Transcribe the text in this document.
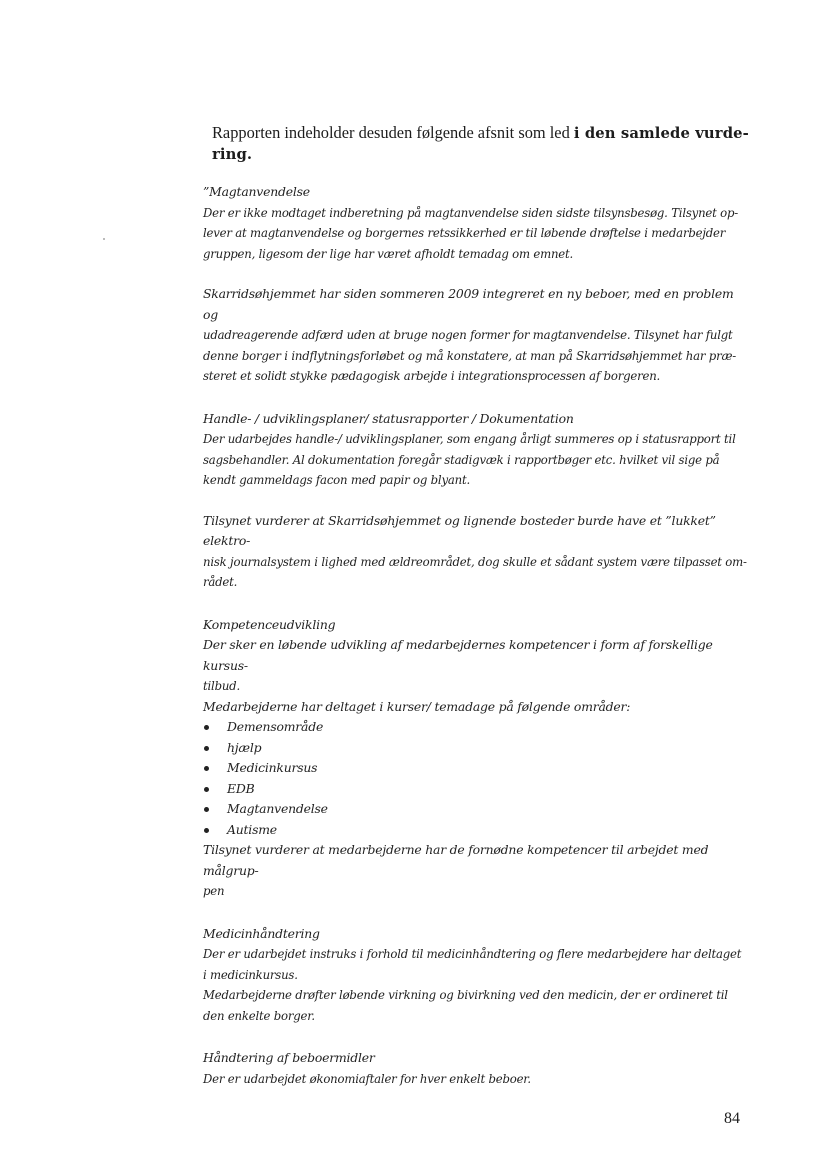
Rapporten indeholder desuden følgende afsnit som led i den samlede vurde-
ring.

”Magtanvendelse

Der er ikke modtaget indberetning på magtanvendelse siden sidste tilsynsbesøg. Tilsynet op-

lever at magtanvendelse og borgernes retssikkerhed er til løbende drøftelse i medarbejder

gruppen, ligesom der lige har været afholdt temadag om emnet.

Skarridsøhjemmet har siden sommeren 2009 integreret en ny beboer, med en problem og

udadreagerende adfærd uden at bruge nogen former for magtanvendelse. Tilsynet har fulgt

denne borger i indflytningsforløbet og må konstatere, at man på Skarridsøhjemmet har præ-

steret et solidt stykke pædagogisk arbejde i integrationsprocessen af borgeren.

Handle- / udviklingsplaner/ statusrapporter / Dokumentation

Der udarbejdes handle-/ udviklingsplaner, som engang årligt summeres op i statusrapport til

sagsbehandler. Al dokumentation foregår stadigvæk i rapportbøger etc. hvilket vil sige på

kendt gammeldags facon med papir og blyant.

Tilsynet vurderer at Skarridsøhjemmet og lignende bosteder burde have et ”lukket” elektro-

nisk journalsystem i lighed med ældreområdet, dog skulle et sådant system være tilpasset om-

rådet.

Kompetenceudvikling

Der sker en løbende udvikling af medarbejdernes kompetencer i form af forskellige kursus-

tilbud.

Medarbejderne har deltaget i kurser/ temadage på følgende områder:

Demensområde
hjælp
Medicinkursus
EDB
Magtanvendelse
Autisme

Tilsynet vurderer at medarbejderne har de fornødne kompetencer til arbejdet med målgrup-

pen

Medicinhåndtering

Der er udarbejdet instruks i forhold til medicinhåndtering og flere medarbejdere har deltaget

i medicinkursus.

Medarbejderne drøfter løbende virkning og bivirkning ved den medicin, der er ordineret til

den enkelte borger.

Håndtering af beboermidler

Der er udarbejdet økonomiaftaler for hver enkelt beboer.

84
